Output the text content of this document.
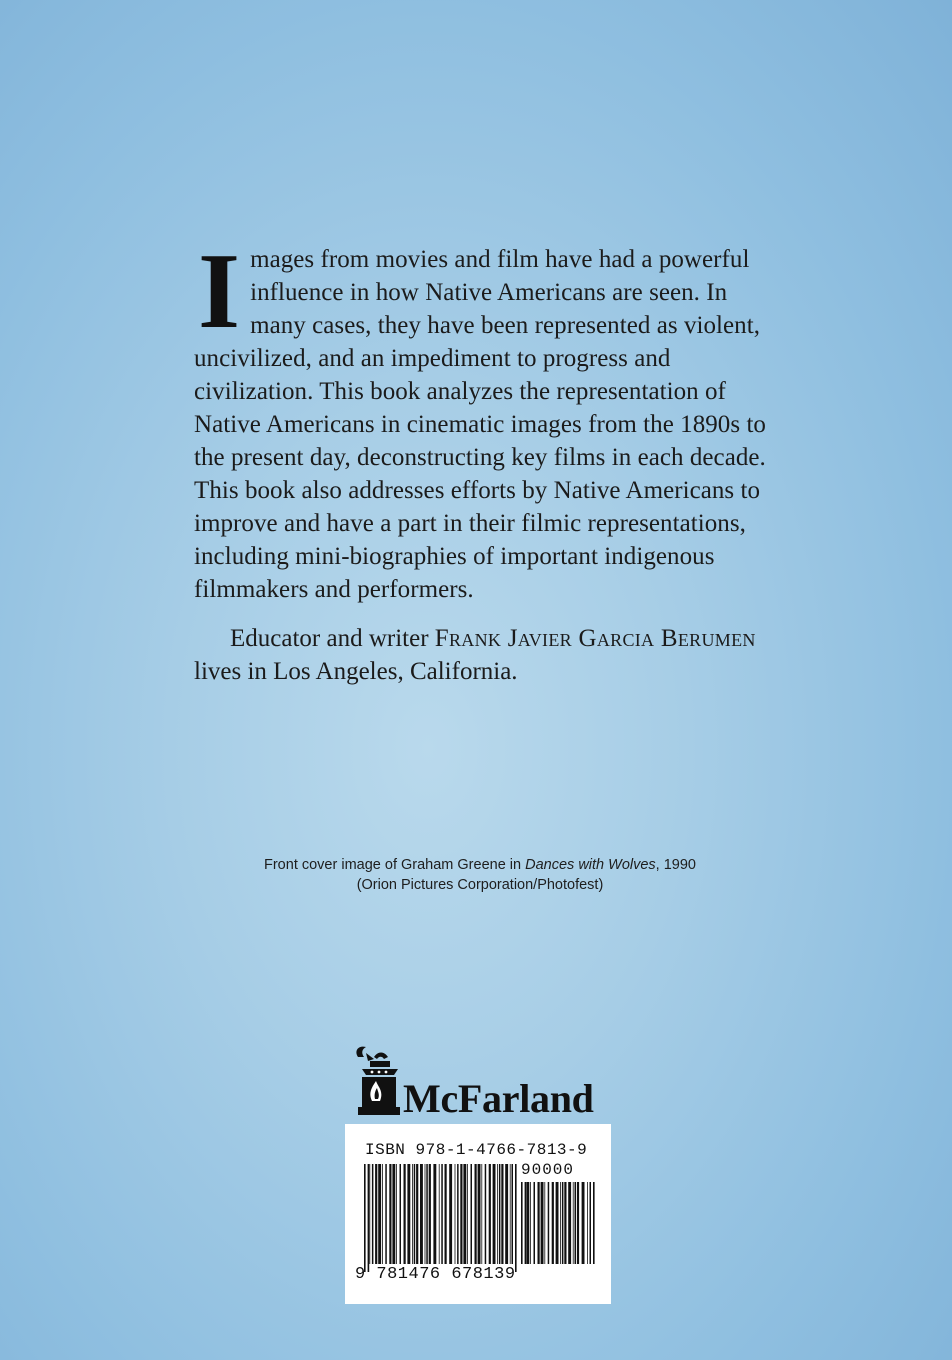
Images from movies and film have had a powerful influence in how Native Americans are seen. In many cases, they have been represented as violent, uncivilized, and an impediment to progress and civilization. This book analyzes the representation of Native Americans in cinematic images from the 1890s to the present day, deconstructing key films in each decade. This book also addresses efforts by Native Americans to improve and have a part in their filmic representations, including mini-biographies of important indigenous filmmakers and performers.
Educator and writer Frank Javier Garcia Berumen
lives in Los Angeles, California.
Front cover image of Graham Greene in Dances with Wolves, 1990
(Orion Pictures Corporation/Photofest)
McFarland
ISBN 978-1-4766-7813-9
90000
9 781476 678139
